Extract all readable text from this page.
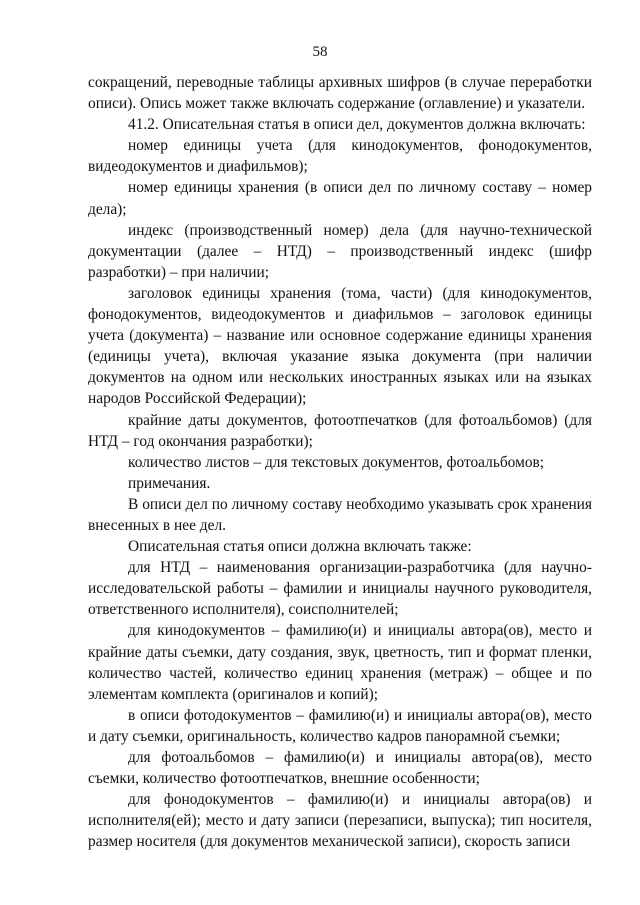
58

сокращений, переводные таблицы архивных шифров (в случае переработки описи). Опись может также включать содержание (оглавление) и указатели.

41.2. Описательная статья в описи дел, документов должна включать:

номер единицы учета (для кинодокументов, фонодокументов, видеодокументов и диафильмов);

номер единицы хранения (в описи дел по личному составу – номер дела);

индекс (производственный номер) дела (для научно-технической документации (далее – НТД) – производственный индекс (шифр разработки) – при наличии;

заголовок единицы хранения (тома, части) (для кинодокументов, фонодокументов, видеодокументов и диафильмов – заголовок единицы учета (документа) – название или основное содержание единицы хранения (единицы учета), включая указание языка документа (при наличии документов на одном или нескольких иностранных языках или на языках народов Российской Федерации);

крайние даты документов, фотоотпечатков (для фотоальбомов) (для НТД – год окончания разработки);

количество листов – для текстовых документов, фотоальбомов;

примечания.

В описи дел по личному составу необходимо указывать срок хранения внесенных в нее дел.

Описательная статья описи должна включать также:

для НТД – наименования организации-разработчика (для научно-исследовательской работы – фамилии и инициалы научного руководителя, ответственного исполнителя), соисполнителей;

для кинодокументов – фамилию(и) и инициалы автора(ов), место и крайние даты съемки, дату создания, звук, цветность, тип и формат пленки, количество частей, количество единиц хранения (метраж) – общее и по элементам комплекта (оригиналов и копий);

в описи фотодокументов – фамилию(и) и инициалы автора(ов), место и дату съемки, оригинальность, количество кадров панорамной съемки;

для фотоальбомов – фамилию(и) и инициалы автора(ов), место съемки, количество фотоотпечатков, внешние особенности;

для фонодокументов – фамилию(и) и инициалы автора(ов) и исполнителя(ей); место и дату записи (перезаписи, выпуска); тип носителя, размер носителя (для документов механической записи), скорость записи
